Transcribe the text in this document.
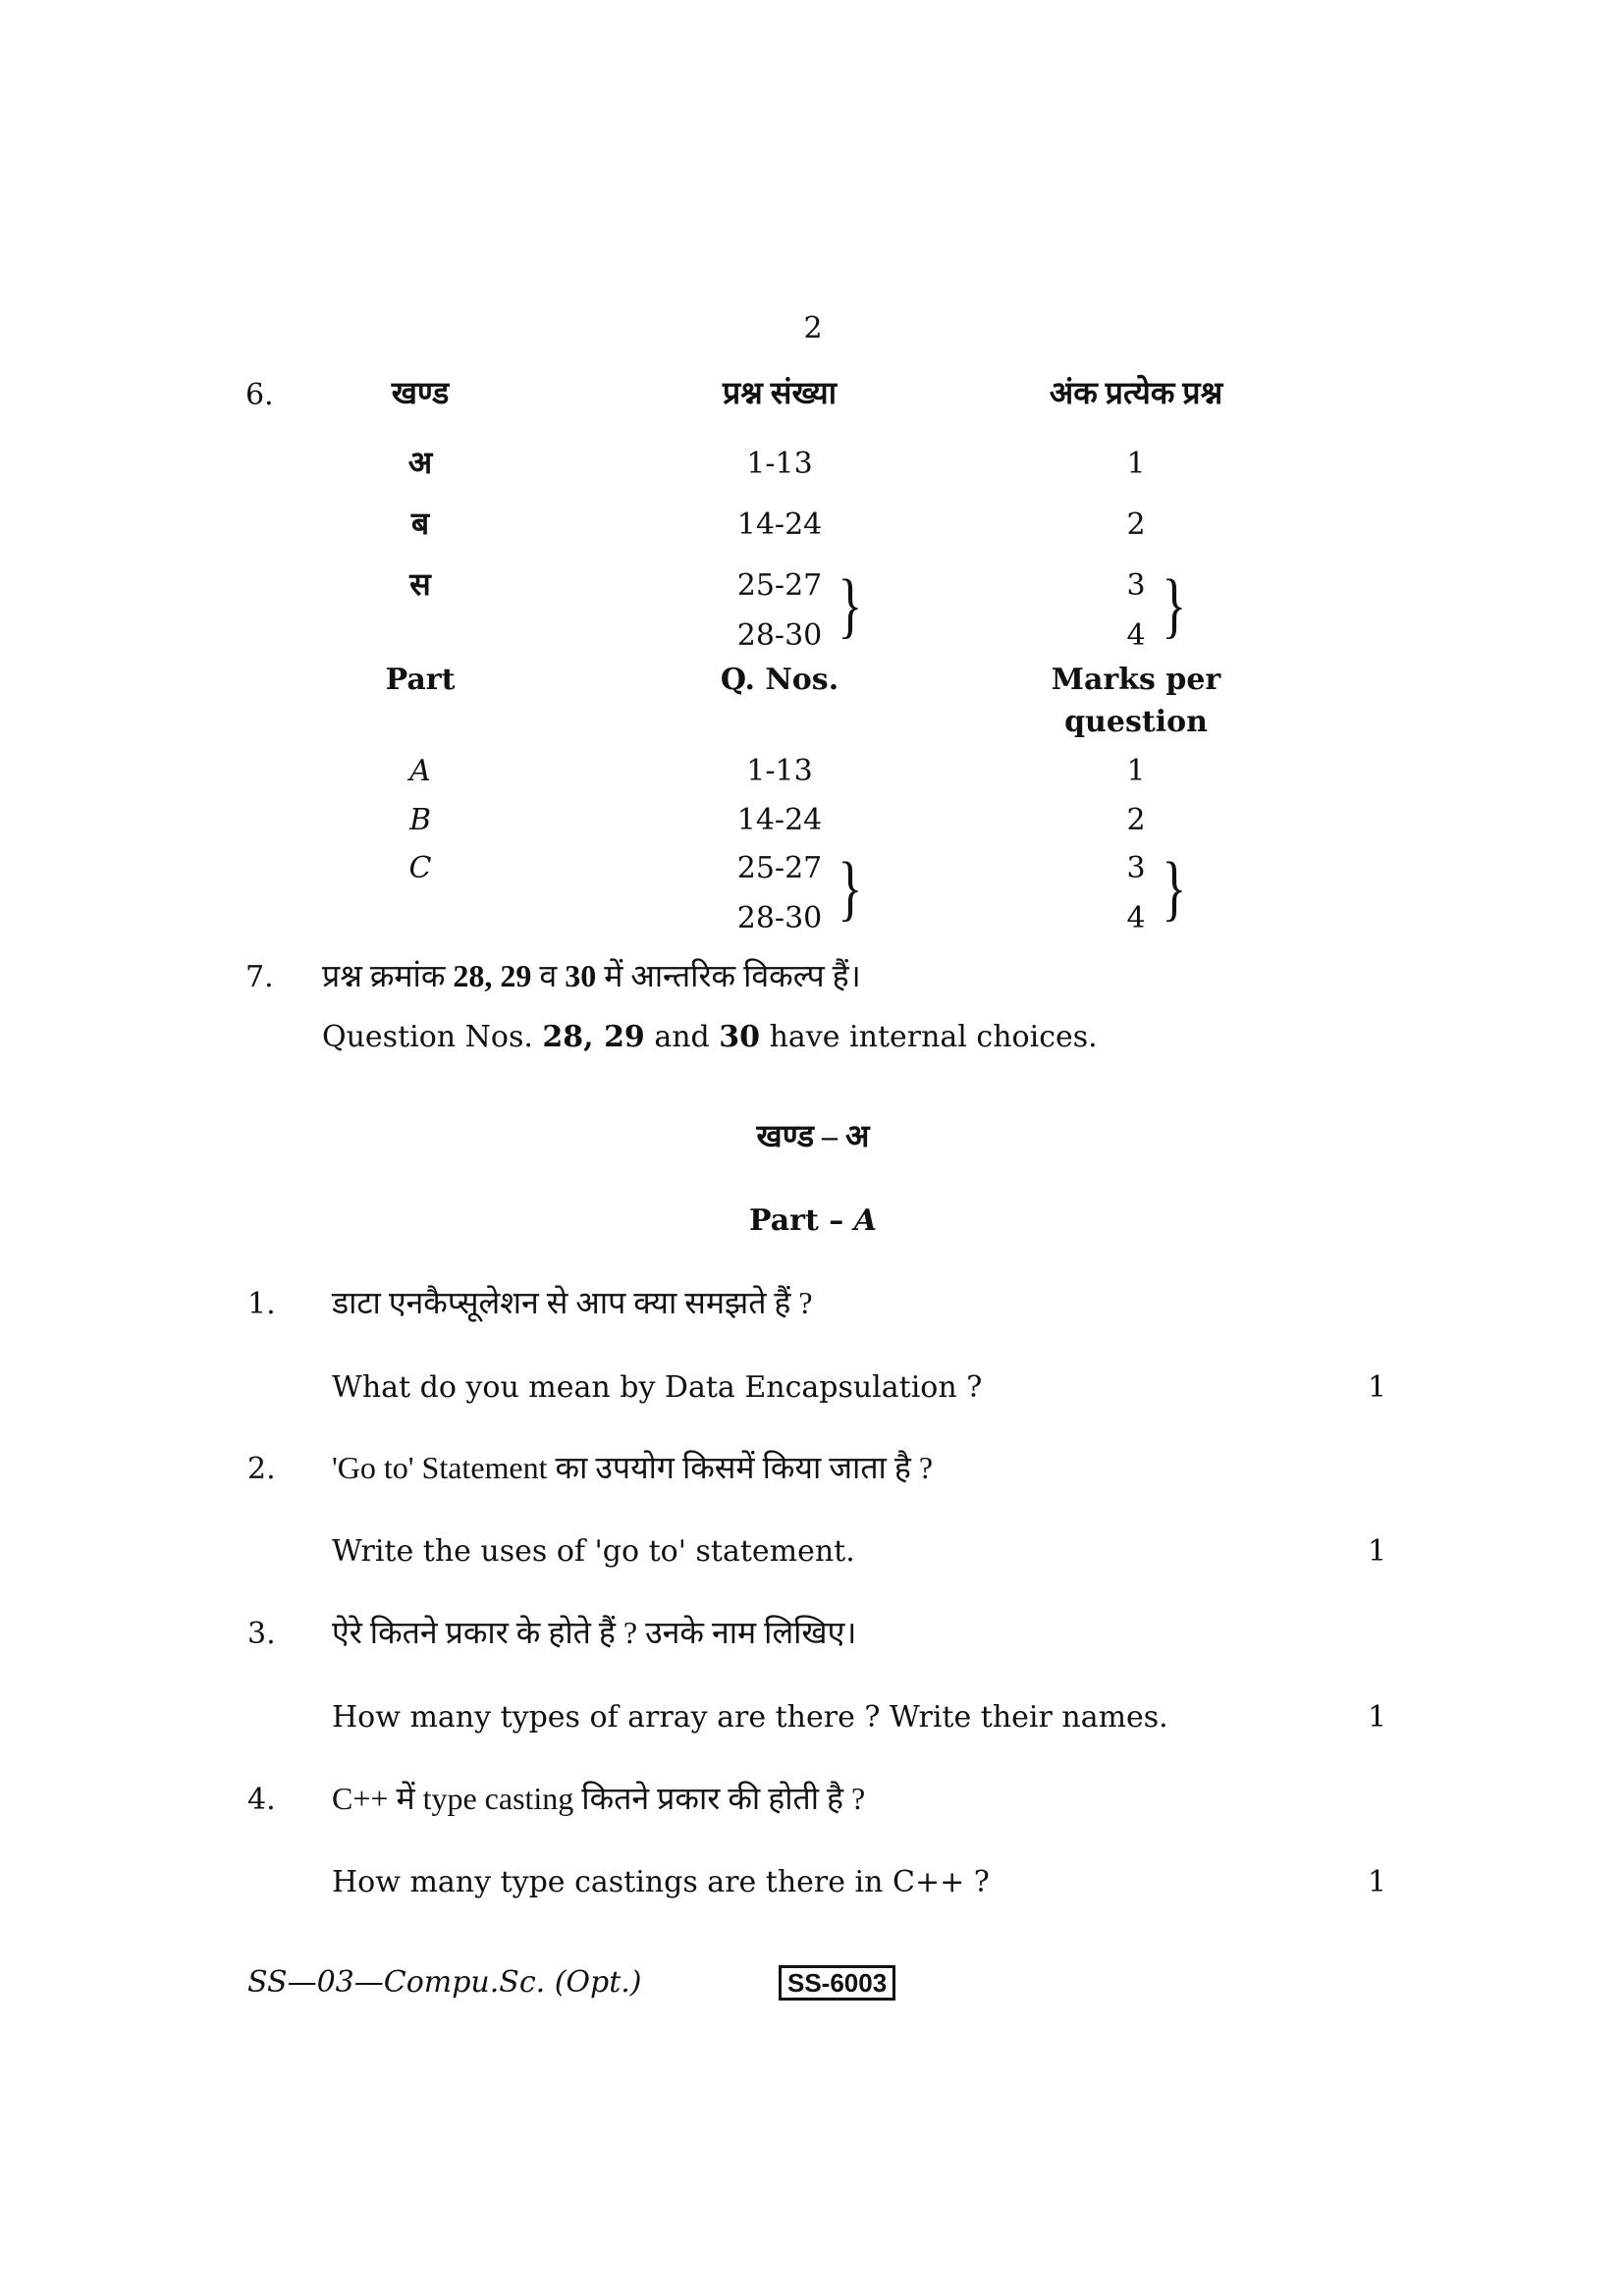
2
6.	खण्ड	प्रश्न संख्या	अंक प्रत्येक प्रश्न
अ	1-13	1
ब	14-24	2
स	25-27	3
28-30	4
}	}
Part	Q. Nos.	Marks per
question
A	1-13	1
B	14-24	2
C	25-27	3
28-30	4
}	}
7. प्रश्न क्रमांक 28, 29 व 30 में आन्तरिक विकल्प हैं।
Question Nos. 28, 29 and 30 have internal choices.
खण्ड – अ
Part – A
1. डाटा एनकैप्सूलेशन से आप क्या समझते हैं ?
What do you mean by Data Encapsulation ?	1
2. 'Go to' Statement का उपयोग किसमें किया जाता है ?
Write the uses of 'go to' statement.	1
3. ऐरे कितने प्रकार के होते हैं ? उनके नाम लिखिए।
How many types of array are there ? Write their names.	1
4. C++ में type casting कितने प्रकार की होती है ?
How many type castings are there in C++ ?	1
SS—03—Compu.Sc. (Opt.)	SS-6003
